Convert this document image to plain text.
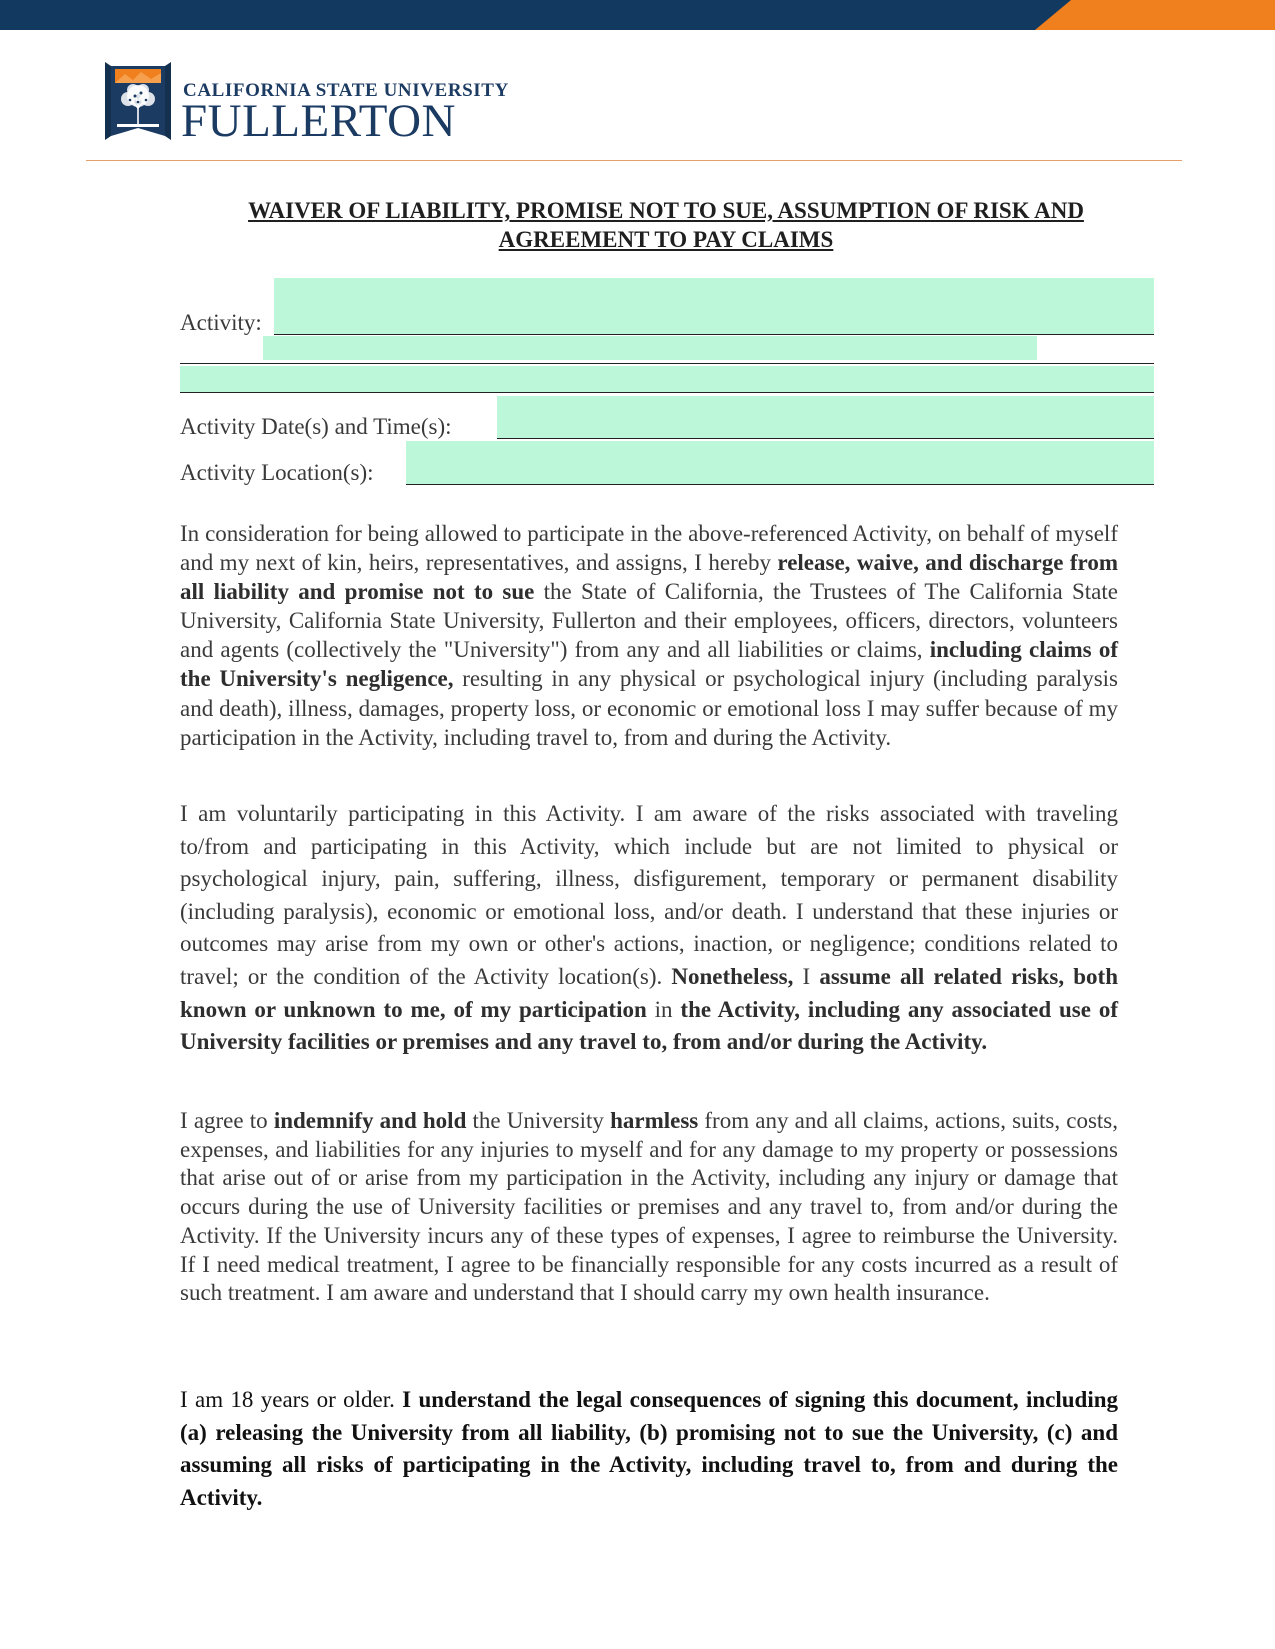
CALIFORNIA STATE UNIVERSITY
FULLERTON
WAIVER OF LIABILITY, PROMISE NOT TO SUE, ASSUMPTION OF RISK AND AGREEMENT TO PAY CLAIMS
Activity:
Activity Date(s) and Time(s):
Activity Location(s):
In consideration for being allowed to participate in the above-referenced Activity, on behalf of myself and my next of kin, heirs, representatives, and assigns, I hereby release, waive, and discharge from all liability and promise not to sue the State of California, the Trustees of The California State University, California State University, Fullerton and their employees, officers, directors, volunteers and agents (collectively the "University") from any and all liabilities or claims, including claims of the University's negligence, resulting in any physical or psychological injury (including paralysis and death), illness, damages, property loss, or economic or emotional loss I may suffer because of my participation in the Activity, including travel to, from and during the Activity.
I am voluntarily participating in this Activity. I am aware of the risks associated with traveling to/from and participating in this Activity, which include but are not limited to physical or psychological injury, pain, suffering, illness, disfigurement, temporary or permanent disability (including paralysis), economic or emotional loss, and/or death. I understand that these injuries or outcomes may arise from my own or other's actions, inaction, or negligence; conditions related to travel; or the condition of the Activity location(s). Nonetheless, I assume all related risks, both known or unknown to me, of my participation in the Activity, including any associated use of University facilities or premises and any travel to, from and/or during the Activity.
I agree to indemnify and hold the University harmless from any and all claims, actions, suits, costs, expenses, and liabilities for any injuries to myself and for any damage to my property or possessions that arise out of or arise from my participation in the Activity, including any injury or damage that occurs during the use of University facilities or premises and any travel to, from and/or during the Activity. If the University incurs any of these types of expenses, I agree to reimburse the University. If I need medical treatment, I agree to be financially responsible for any costs incurred as a result of such treatment. I am aware and understand that I should carry my own health insurance.
I am 18 years or older. I understand the legal consequences of signing this document, including (a) releasing the University from all liability, (b) promising not to sue the University, (c) and assuming all risks of participating in the Activity, including travel to, from and during the Activity.
